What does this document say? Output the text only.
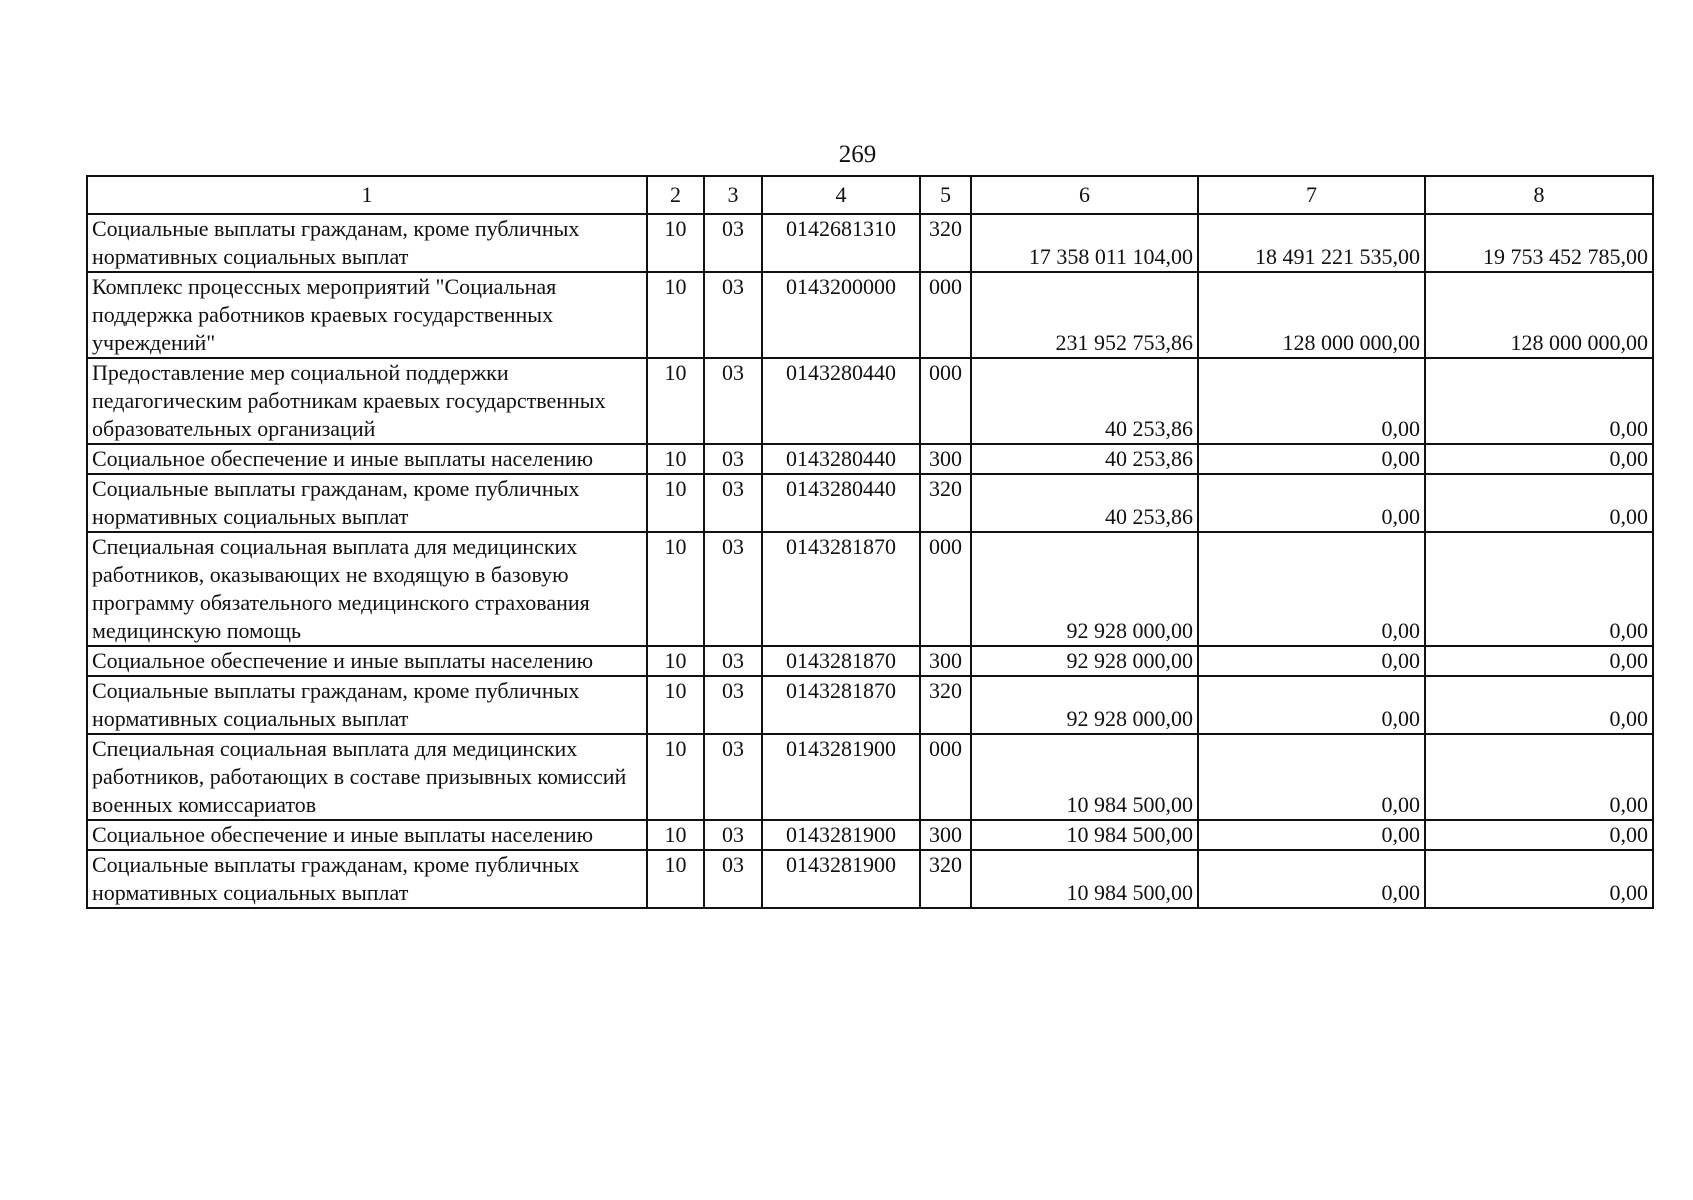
269
1	2	3	4	5	6	7	8
Социальные выплаты гражданам, кроме публичных нормативных социальных выплат	10	03	0142681310	320	17 358 011 104,00	18 491 221 535,00	19 753 452 785,00
Комплекс процессных мероприятий "Социальная поддержка работников краевых государственных учреждений"	10	03	0143200000	000	231 952 753,86	128 000 000,00	128 000 000,00
Предоставление мер социальной поддержки педагогическим работникам краевых государственных образовательных организаций	10	03	0143280440	000	40 253,86	0,00	0,00
Социальное обеспечение и иные выплаты населению	10	03	0143280440	300	40 253,86	0,00	0,00
Социальные выплаты гражданам, кроме публичных нормативных социальных выплат	10	03	0143280440	320	40 253,86	0,00	0,00
Специальная социальная выплата для медицинских работников, оказывающих не входящую в базовую программу обязательного медицинского страхования медицинскую помощь	10	03	0143281870	000	92 928 000,00	0,00	0,00
Социальное обеспечение и иные выплаты населению	10	03	0143281870	300	92 928 000,00	0,00	0,00
Социальные выплаты гражданам, кроме публичных нормативных социальных выплат	10	03	0143281870	320	92 928 000,00	0,00	0,00
Специальная социальная выплата для медицинских работников, работающих в составе призывных комиссий военных комиссариатов	10	03	0143281900	000	10 984 500,00	0,00	0,00
Социальное обеспечение и иные выплаты населению	10	03	0143281900	300	10 984 500,00	0,00	0,00
Социальные выплаты гражданам, кроме публичных нормативных социальных выплат	10	03	0143281900	320	10 984 500,00	0,00	0,00
